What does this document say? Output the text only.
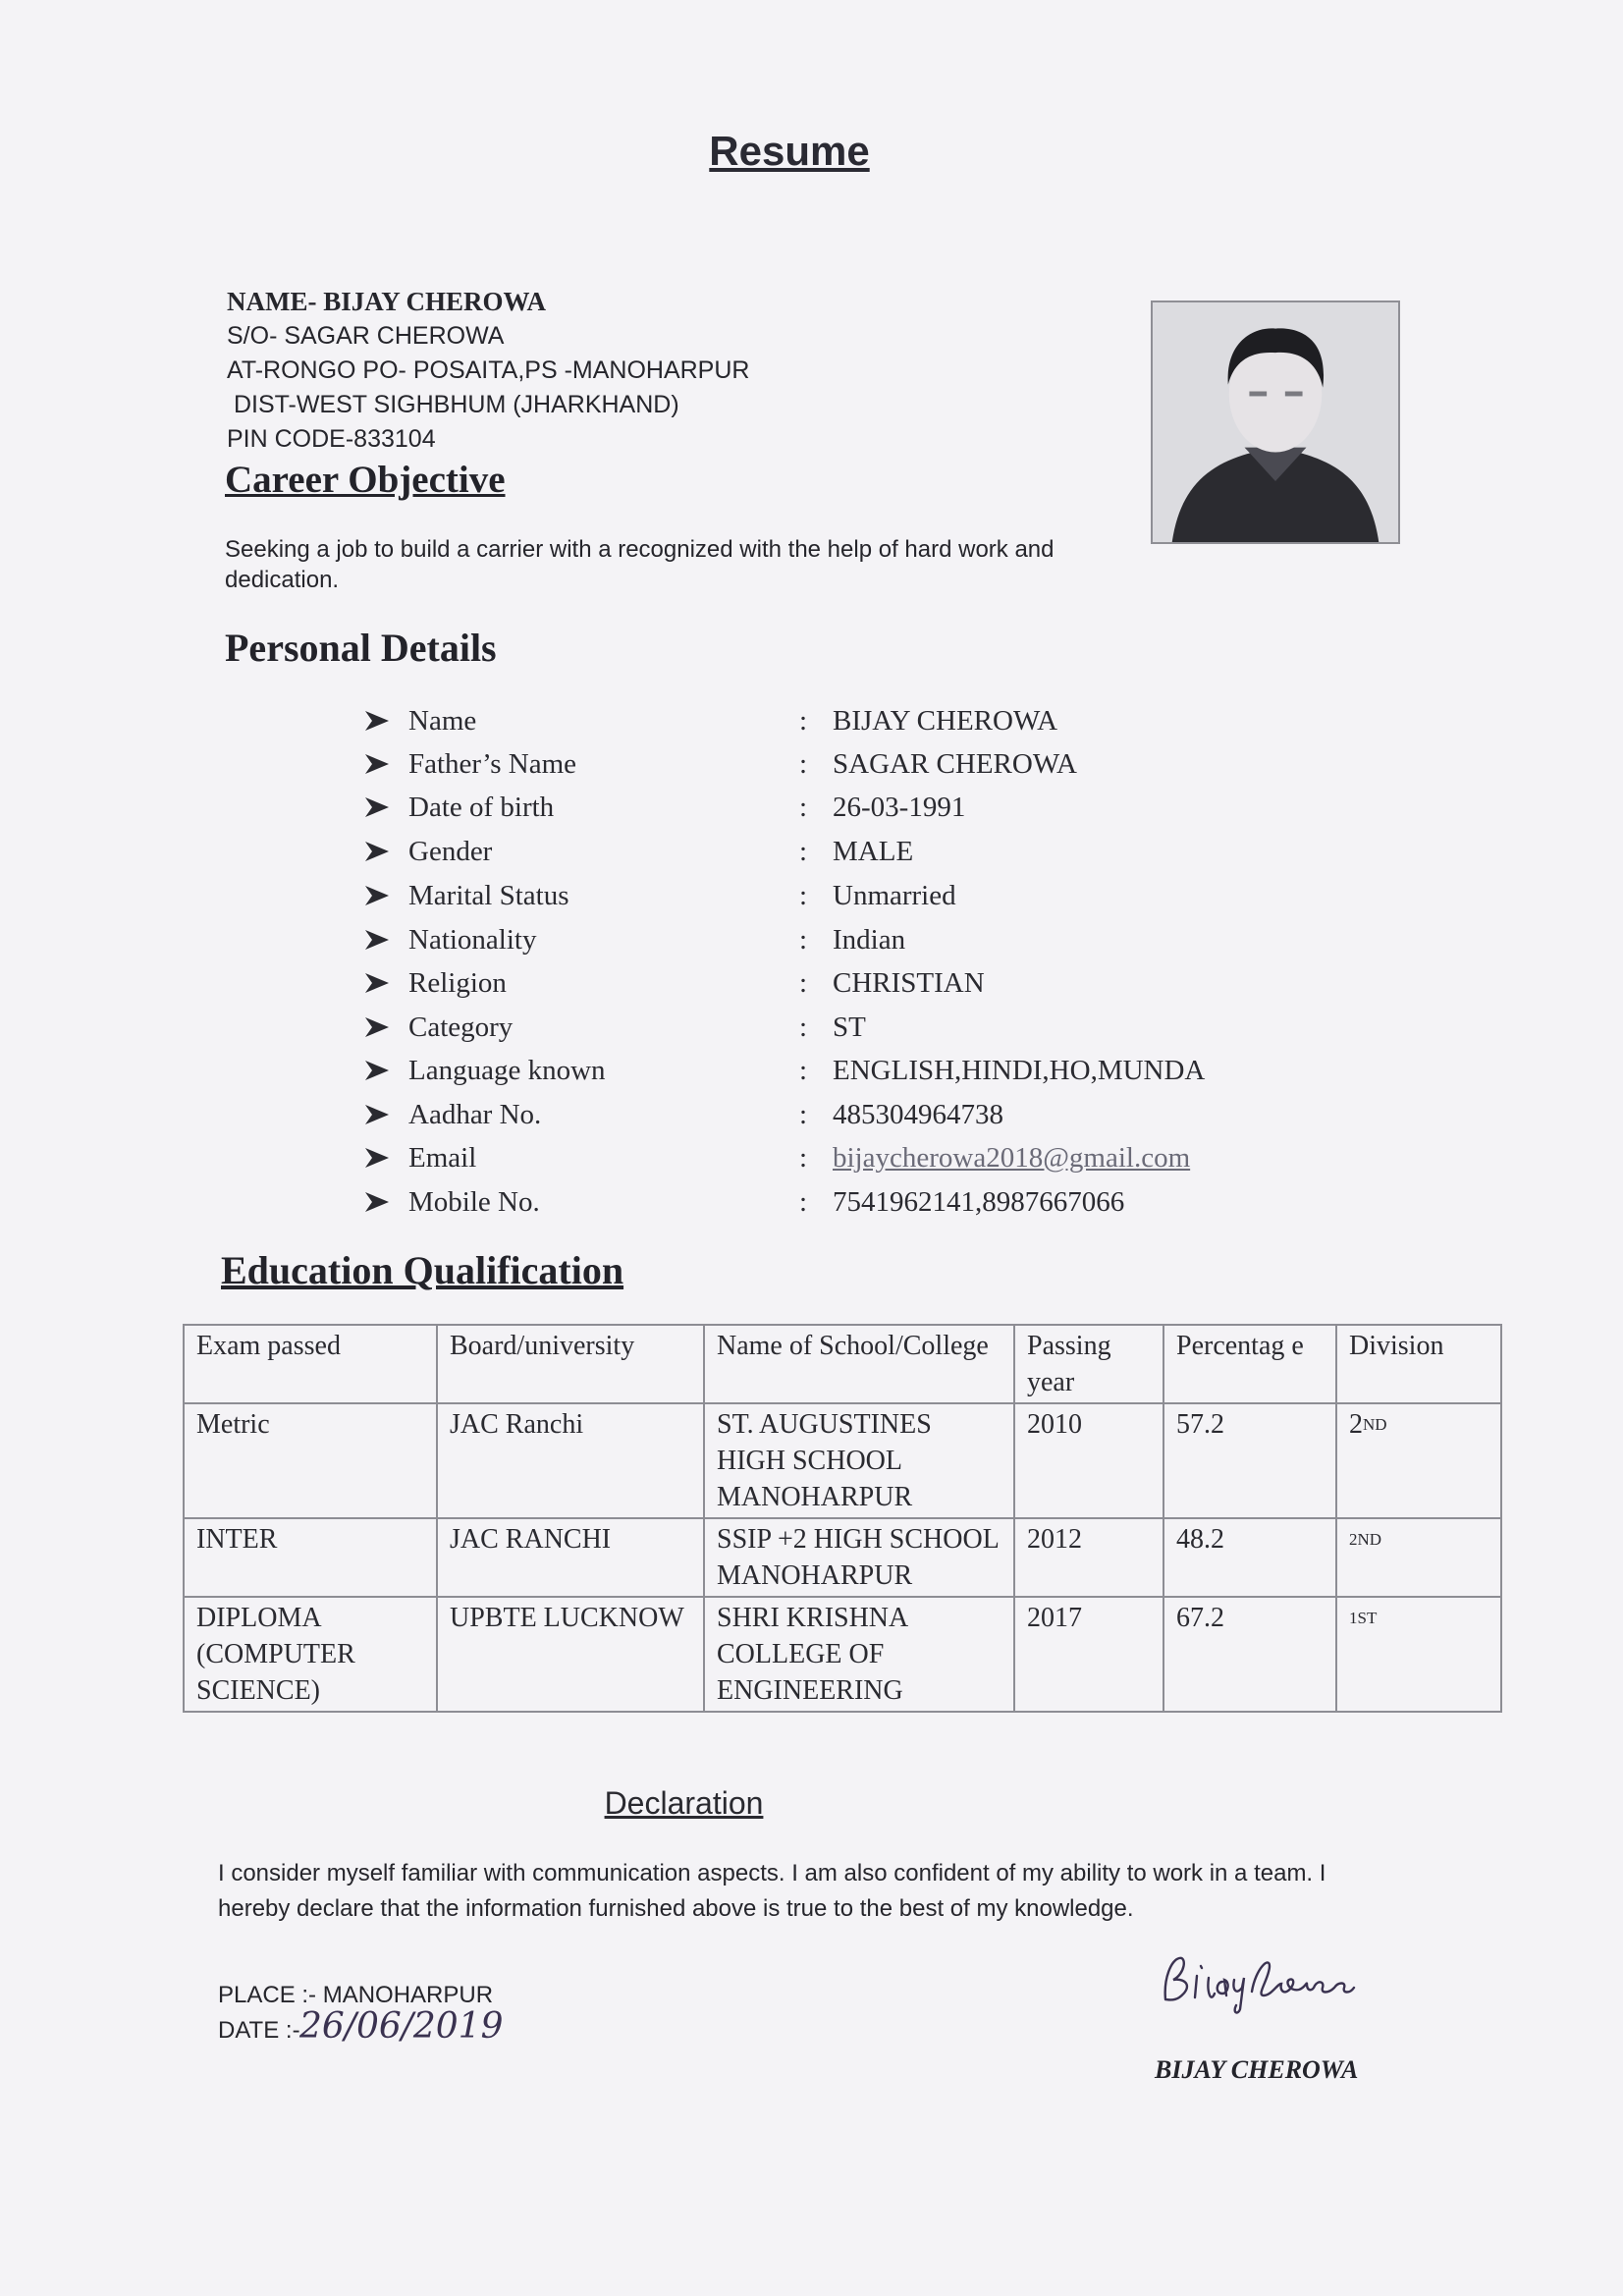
Resume
NAME- BIJAY CHEROWA
S/O- SAGAR CHEROWA
AT-RONGO PO- POSAITA,PS -MANOHARPUR
DIST-WEST SIGHBHUM (JHARKHAND)
PIN CODE-833104
Career Objective
Seeking a job to build a carrier with a recognized with the help of hard work and dedication.
Personal Details
Name	: BIJAY CHEROWA
Father’s Name	: SAGAR CHEROWA
Date of birth	: 26-03-1991
Gender	: MALE
Marital Status	: Unmarried
Nationality	: Indian
Religion	: CHRISTIAN
Category	: ST
Language known	: ENGLISH,HINDI,HO,MUNDA
Aadhar No.	: 485304964738
Email	: bijaycherowa2018@gmail.com
Mobile No.	: 7541962141,8987667066
Education Qualification
Exam passed	Board/university	Name of School/College	Passing year	Percentag e	Division
Metric	JAC Ranchi	ST. AUGUSTINES HIGH SCHOOL MANOHARPUR	2010	57.2	2ND
INTER	JAC RANCHI	SSIP +2 HIGH SCHOOL MANOHARPUR	2012	48.2	$^{2ND}$
DIPLOMA (COMPUTER SCIENCE)	UPBTE LUCKNOW	SHRI KRISHNA COLLEGE OF ENGINEERING	2017	67.2	$^{1ST}$
Declaration
I consider myself familiar with communication aspects. I am also confident of my ability to work in a team. I hereby declare that the information furnished above is true to the best of my knowledge.
PLACE :- MANOHARPUR
DATE :- 26/06/2019
BIJAY CHEROWA
